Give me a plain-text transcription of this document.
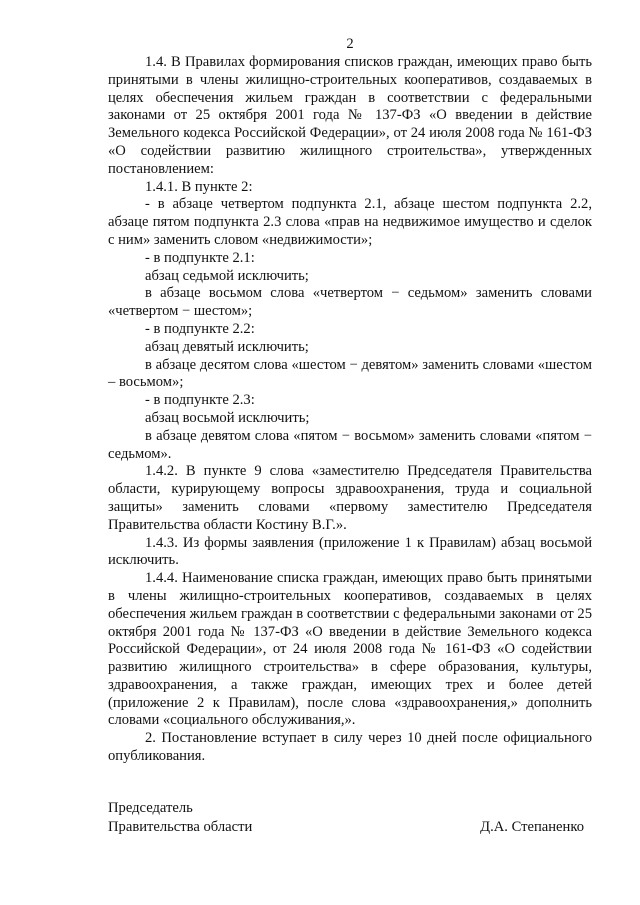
2

1.4. В Правилах формирования списков граждан, имеющих право быть принятыми в члены жилищно-строительных кооперативов, создаваемых в целях обеспечения жильем граждан в соответствии с федеральными законами от 25 октября 2001 года № 137-ФЗ «О введении в действие Земельного кодекса Российской Федерации», от 24 июля 2008 года № 161-ФЗ «О содействии развитию жилищного строительства», утвержденных постановлением:

1.4.1. В пункте 2:

- в абзаце четвертом подпункта 2.1, абзаце шестом подпункта 2.2, абзаце пятом подпункта 2.3 слова «прав на недвижимое имущество и сделок с ним» заменить словом «недвижимости»;

- в подпункте 2.1:

абзац седьмой исключить;

в абзаце восьмом слова «четвертом − седьмом» заменить словами «четвертом − шестом»;

- в подпункте 2.2:

абзац девятый исключить;

в абзаце десятом слова «шестом − девятом» заменить словами «шестом – восьмом»;

- в подпункте 2.3:

абзац восьмой исключить;

в абзаце девятом слова «пятом − восьмом» заменить словами «пятом − седьмом».

1.4.2. В пункте 9 слова «заместителю Председателя Правительства области, курирующему вопросы здравоохранения, труда и социальной защиты» заменить словами «первому заместителю Председателя Правительства области Костину В.Г.».

1.4.3. Из формы заявления (приложение 1 к Правилам) абзац восьмой исключить.

1.4.4. Наименование списка граждан, имеющих право быть принятыми в члены жилищно-строительных кооперативов, создаваемых в целях обеспечения жильем граждан в соответствии с федеральными законами от 25 октября 2001 года № 137-ФЗ «О введении в действие Земельного кодекса Российской Федерации», от 24 июля 2008 года № 161-ФЗ «О содействии развитию жилищного строительства» в сфере образования, культуры, здравоохранения, а также граждан, имеющих трех и более детей (приложение 2 к Правилам), после слова «здравоохранения,» дополнить словами «социального обслуживания,».

2. Постановление вступает в силу через 10 дней после официального опубликования.

Председатель
Правительства области	Д.А. Степаненко
